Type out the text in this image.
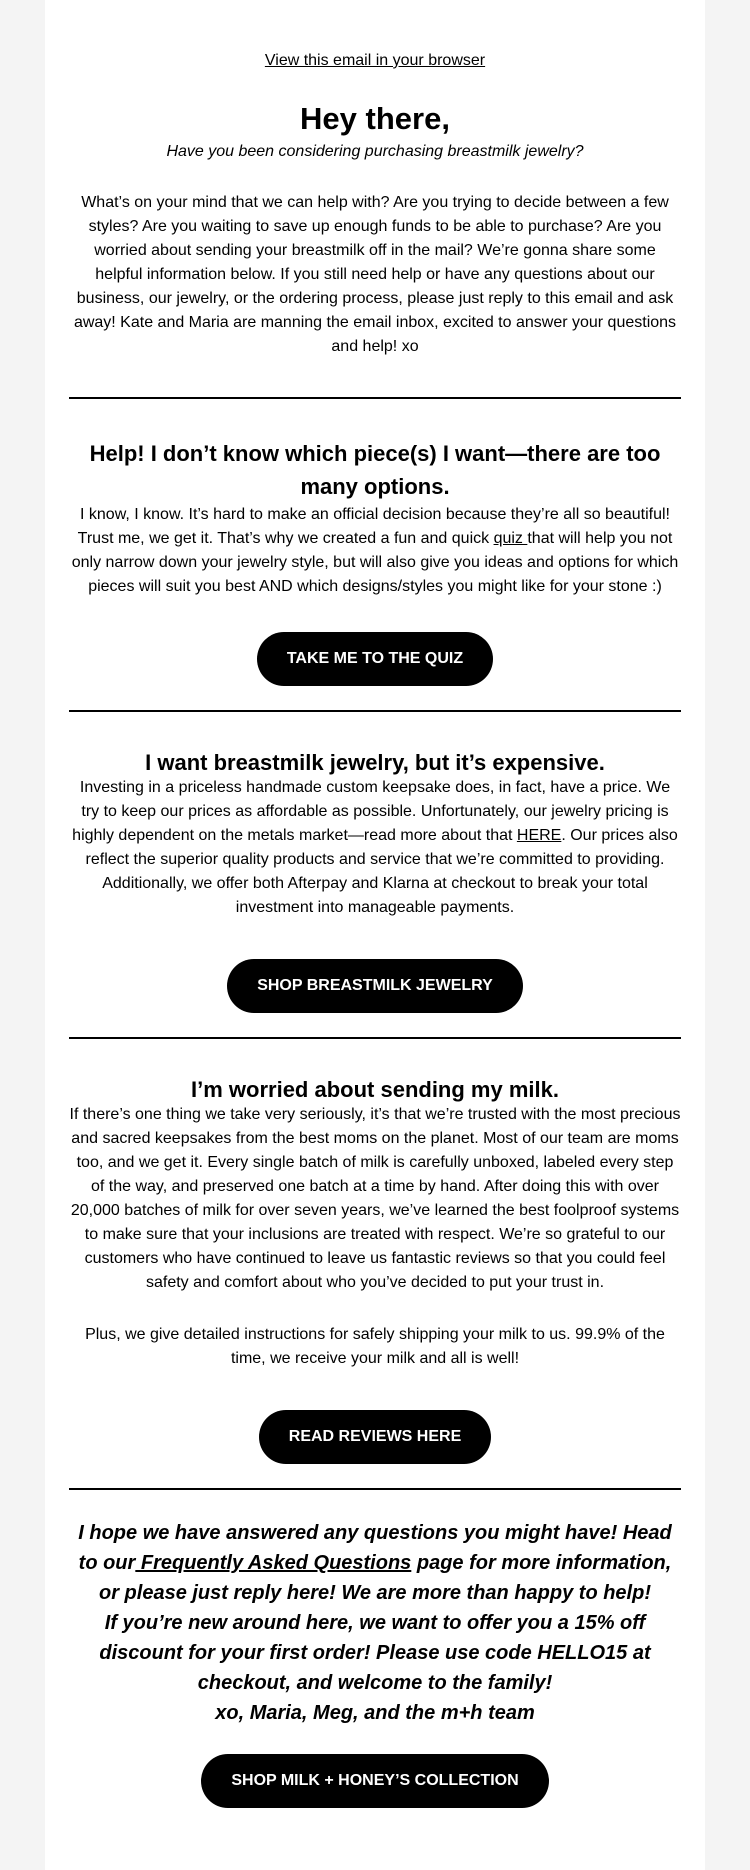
View this email in your browser
Hey there,

Have you been considering purchasing breastmilk jewelry?

What’s on your mind that we can help with? Are you trying to decide between a few styles? Are you waiting to save up enough funds to be able to purchase? Are you worried about sending your breastmilk off in the mail? We’re gonna share some helpful information below. If you still need help or have any questions about our business, our jewelry, or the ordering process, please just reply to this email and ask away! Kate and Maria are manning the email inbox, excited to answer your questions and help! xo

Help! I don’t know which piece(s) I want—there are too many options.

I know, I know. It’s hard to make an official decision because they’re all so beautiful! Trust me, we get it. That’s why we created a fun and quick quiz that will help you not only narrow down your jewelry style, but will also give you ideas and options for which pieces will suit you best AND which designs/styles you might like for your stone :)

TAKE ME TO THE QUIZ
I want breastmilk jewelry, but it’s expensive.

Investing in a priceless handmade custom keepsake does, in fact, have a price. We try to keep our prices as affordable as possible. Unfortunately, our jewelry pricing is highly dependent on the metals market—read more about that HERE. Our prices also reflect the superior quality products and service that we’re committed to providing. Additionally, we offer both Afterpay and Klarna at checkout to break your total investment into manageable payments.

SHOP BREASTMILK JEWELRY
I’m worried about sending my milk.

If there’s one thing we take very seriously, it’s that we’re trusted with the most precious and sacred keepsakes from the best moms on the planet. Most of our team are moms too, and we get it. Every single batch of milk is carefully unboxed, labeled every step of the way, and preserved one batch at a time by hand. After doing this with over 20,000 batches of milk for over seven years, we’ve learned the best foolproof systems to make sure that your inclusions are treated with respect. We’re so grateful to our customers who have continued to leave us fantastic reviews so that you could feel safety and comfort about who you’ve decided to put your trust in.

Plus, we give detailed instructions for safely shipping your milk to us. 99.9% of the time, we receive your milk and all is well!

READ REVIEWS HERE

I hope we have answered any questions you might have! Head to our Frequently Asked Questions page for more information, or please just reply here! We are more than happy to help!

If you’re new around here, we want to offer you a 15% off discount for your first order! Please use code HELLO15 at checkout, and welcome to the family!

xo, Maria, Meg, and the m+h team

SHOP MILK + HONEY’S COLLECTION
